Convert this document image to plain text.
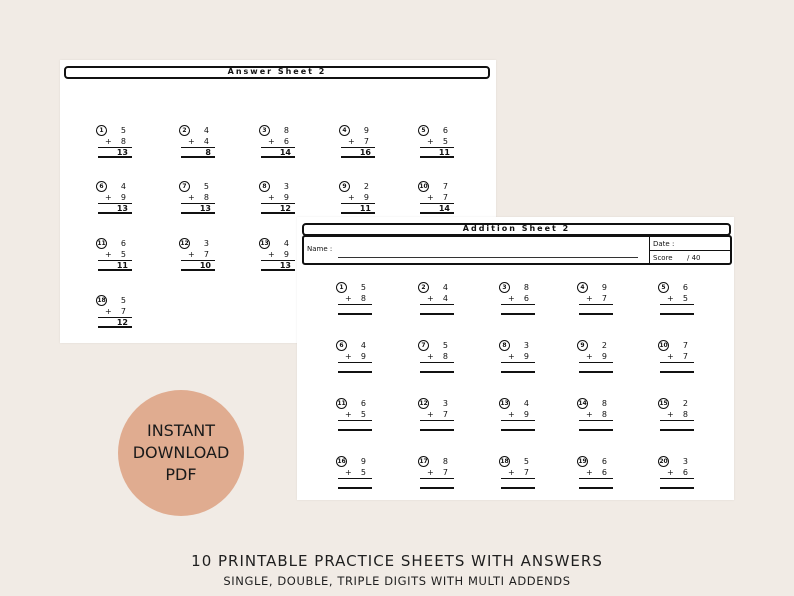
Answer Sheet 2
1	5
+	8
13
2	4
+	4
8
3	8
+	6
14
4	9
+	7
16
5	6
+	5
11
6	4
+	9
13
7	5
+	8
13
8	3
+	9
12
9	2
+	9
11
10	7
+	7
14
11	6
+	5
11
12	3
+	7
10
13	4
+	9
13
18	5
+	7
12
Addition Sheet 2
Name :
Date :
Score / 40
1	5
+	8
2	4
+	4
3	8
+	6
4	9
+	7
5	6
+	5
6	4
+	9
7	5
+	8
8	3
+	9
9	2
+	9
10	7
+	7
11	6
+	5
12	3
+	7
13	4
+	9
14	8
+	8
15	2
+	8
16	9
+	5
17	8
+	7
18	5
+	7
19	6
+	6
20	3
+	6
INSTANT
DOWNLOAD
PDF
10 PRINTABLE PRACTICE SHEETS WITH ANSWERS
SINGLE, DOUBLE, TRIPLE DIGITS WITH MULTI ADDENDS
